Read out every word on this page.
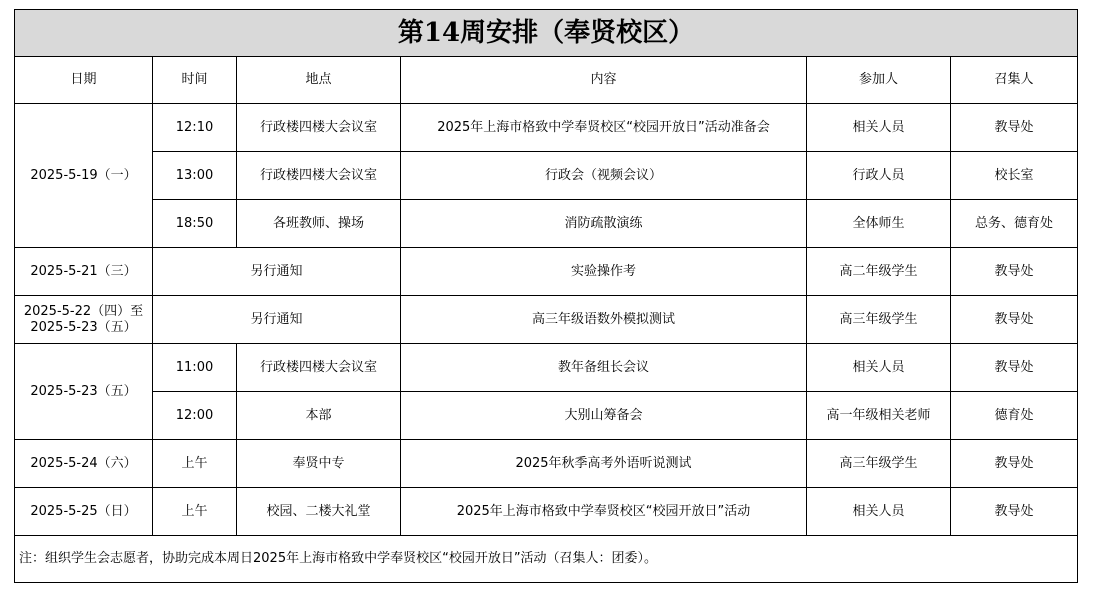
第14周安排（奉贤校区）					
日期	时间	地点	内容	参加人	召集人
2025-5-19（一）	12:10	行政楼四楼大会议室	2025年上海市格致中学奉贤校区“校园开放日”活动准备会	相关人员	教导处
	13:00	行政楼四楼大会议室	行政会（视频会议）	行政人员	校长室
	18:50	各班教师、操场	消防疏散演练	全体师生	总务、德育处
2025-5-21（三）	另行通知		实验操作考	高二年级学生	教导处

2025-5-22（四）至
2025-5-23（五）	另行通知		高三年级语数外模拟测试	高三年级学生	教导处
2025-5-23（五）	11:00	行政楼四楼大会议室	教年备组长会议	相关人员	教导处
	12:00	本部	大别山筹备会	高一年级相关老师	德育处
2025-5-24（六）	上午	奉贤中专	2025年秋季高考外语听说测试	高三年级学生	教导处
2025-5-25（日）	上午	校园、二楼大礼堂	2025年上海市格致中学奉贤校区“校园开放日”活动	相关人员	教导处
注：组织学生会志愿者，协助完成本周日2025年上海市格致中学奉贤校区“校园开放日”活动（召集人：团委）。					
